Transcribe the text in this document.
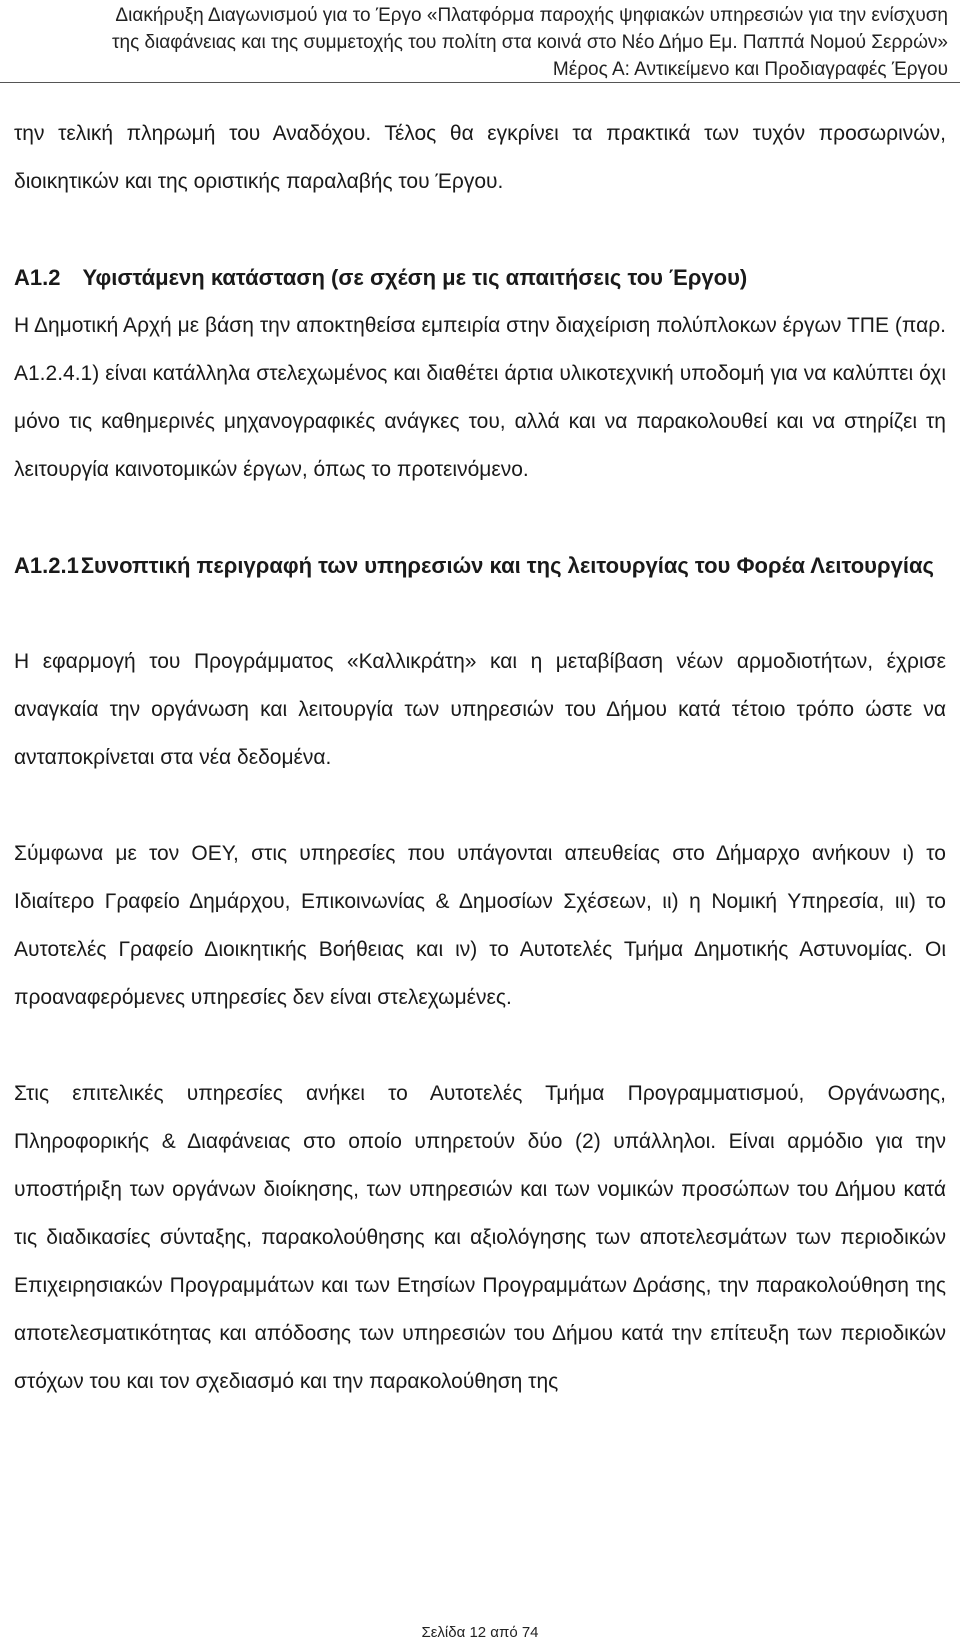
Διακήρυξη Διαγωνισμού για το Έργο «Πλατφόρμα παροχής ψηφιακών υπηρεσιών για την ενίσχυση
της διαφάνειας και της συμμετοχής του πολίτη στα κοινά στο Νέο Δήμο Εμ. Παππά Νομού Σερρών»
Μέρος Α: Αντικείμενο και Προδιαγραφές Έργου

την τελική πληρωμή του Αναδόχου. Τέλος θα εγκρίνει τα πρακτικά των τυχόν προσωρινών, διοικητικών και της οριστικής παραλαβής του Έργου.

Α1.2 Υφιστάμενη κατάσταση (σε σχέση με τις απαιτήσεις του Έργου)

Η Δημοτική Αρχή με βάση την αποκτηθείσα εμπειρία στην διαχείριση πολύπλοκων έργων ΤΠΕ (παρ. Α1.2.4.1) είναι κατάλληλα στελεχωμένος και διαθέτει άρτια υλικοτεχνική υποδομή για να καλύπτει όχι μόνο τις καθημερινές μηχανογραφικές ανάγκες του, αλλά και να παρακολουθεί και να στηρίζει τη λειτουργία καινοτομικών έργων, όπως το προτεινόμενο.

Α1.2.1Συνοπτική περιγραφή των υπηρεσιών και της λειτουργίας του Φορέα Λειτουργίας

Η εφαρμογή του Προγράμματος «Καλλικράτη» και η μεταβίβαση νέων αρμοδιοτήτων, έχρισε αναγκαία την οργάνωση και λειτουργία των υπηρεσιών του Δήμου κατά τέτοιο τρόπο ώστε να ανταποκρίνεται στα νέα δεδομένα.

Σύμφωνα με τον ΟΕΥ, στις υπηρεσίες που υπάγονται απευθείας στο Δήμαρχο ανήκουν ι) το Ιδιαίτερο Γραφείο Δημάρχου, Επικοινωνίας & Δημοσίων Σχέσεων, ιι) η Νομική Υπηρεσία, ιιι) το Αυτοτελές Γραφείο Διοικητικής Βοήθειας και ιν) το Αυτοτελές Τμήμα Δημοτικής Αστυνομίας. Οι προαναφερόμενες υπηρεσίες δεν είναι στελεχωμένες.

Στις επιτελικές υπηρεσίες ανήκει το Αυτοτελές Τμήμα Προγραμματισμού, Οργάνωσης, Πληροφορικής & Διαφάνειας στο οποίο υπηρετούν δύο (2) υπάλληλοι. Είναι αρμόδιο για την υποστήριξη των οργάνων διοίκησης, των υπηρεσιών και των νομικών προσώπων του Δήμου κατά τις διαδικασίες σύνταξης, παρακολούθησης και αξιολόγησης των αποτελεσμάτων των περιοδικών Επιχειρησιακών Προγραμμάτων και των Ετησίων Προγραμμάτων Δράσης, την παρακολούθηση της αποτελεσματικότητας και απόδοσης των υπηρεσιών του Δήμου κατά την επίτευξη των περιοδικών στόχων του και τον σχεδιασμό και την παρακολούθηση της

Σελίδα 12 από 74
